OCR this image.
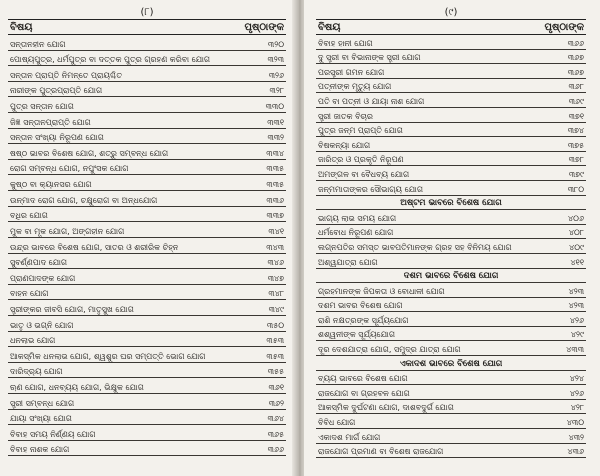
(୮)
ବିଷୟ	ପୃଷ୍ଠାଙ୍କ
ସନ୍ତାନହୀନ ଯୋଗ	୩୨୦
ପୋଷ୍ୟପୁତ୍ର, ଧର୍ମପୁତ୍ର ବା ଦତ୍ତକ ପୁତ୍ର ଗ୍ରହଣ କରିବା ଯୋଗ	୩୨୩
ସନ୍ତାନ ପ୍ରାପ୍ତି ନିମନ୍ତେ ପ୍ରାୟଶ୍ଚିତ	୩୨୬
ନାରୀଙ୍କ ପୁତ୍ରପ୍ରାପ୍ତି ଯୋଗ	୩୨୮
ପୁତ୍ର ସନ୍ତାନ ଯୋଗ	୩୩୦
ଜିଜ୍ଞ ସନ୍ତାନପ୍ରାପ୍ତି ଯୋଗ	୩୩୧
ସନ୍ତାନ ସଂଖ୍ୟା ନିରୂପଣ ଯୋଗ	୩୩୨
ଷଷ୍ଠ ଭାବର ବିଶେଷ ଯୋଗ, ଶତ୍ରୁ ସମ୍ବନ୍ଧ ଯୋଗ	୩୩୪
ରୋଗ ସମ୍ବନ୍ଧ ଯୋଗ, ନପୁଂସକ ଯୋଗ	୩୩୫
କୁଷ୍ଠ ବା କ୍ୟାନସର ଯୋଗ	୩୩୫
ଉନ୍ମାଦ ରୋଗ ଯୋଗ, ଚକ୍ଷୁରୋଗ ବା ଅନ୍ଧଯୋଗ	୩୩୬
ବଧିର ଯୋଗ	୩୩୭
ମୁକ ବା ମୂକ ଯୋଗ, ଅଙ୍ଗହୀନ ଯୋଗ	୩୪୧
ଉନ୍ଦ୍ର ଭାବରେ ବିଶେଷ ଯୋଗ, ସାତର ଓ ଶରୀରିକ ଚିହ୍ନ	୩୪୩
ସୁବର୍ଣ୍ଣପାଦ ଯୋଗ	୩୪୬
ପ୍ରାଣପାଦଙ୍କ ଯୋଗ	୩୪୭
ବାହନ ଯୋଗ	୩୪୮
ସ୍ତ୍ରୀଙ୍କର ଜୀବସି ଯୋଗ, ମାତୃସୁଖ ଯୋଗ	୩୪୯
ଭାତୃ ଓ ଭଗ୍ନି ଯୋଗ	୩୫୦
ଧନଲାଭ ଯୋଗ	୩୫୩
ଆକସ୍ମିକ ଧନଲାଭ ଯୋଗ, ଶ୍ୱଶୁର ଘର ସମ୍ପତ୍ତି ଭୋଗ ଯୋଗ	୩୫୩
ଦାରିଦ୍ର୍ୟ ଯୋଗ	୩୫୫
ଋଣ ଯୋଗ, ଧନବ୍ୟୟ ଯୋଗ, ଭିକ୍ଷୁକ ଯୋଗ	୩୬୧
ସ୍ତ୍ରୀ ସମ୍ବନ୍ଧ ଯୋଗ	୩୬୨
ଯାୟା ସଂଖ୍ୟା ଯୋଗ	୩୬୪
ବିବାହ ସମୟ ନିର୍ଣ୍ଣୟ ଯୋଗ	୩୬୫
ବିବାହ ନାଶକ ଯୋଗ	୩୬୬
(୯)
ବିଷୟ	ପୃଷ୍ଠାଙ୍କ
ବିବାହ ହାନୀ ଯୋଗ	୩୬୬
ଦୁ ସ୍ତ୍ରୀ ବା ବିଭାନାଙ୍କ ସ୍ତ୍ରୀ ଯୋଗ	୩୬୭
ପରସ୍ତ୍ରୀ ଗମନ ଯୋଗ	୩୬୭
ପତ୍ନୀଙ୍କ ମୃତ୍ୟୁ ଯୋଗ	୩୬୮
ପତି ବା ପତ୍ନୀ ଓ ଯାୟା ନାଶ ଯୋଗ	୩୬୯
ସ୍ତ୍ରୀ ଜାତକ ବିଚାର	୩୭୧
ପୁତ୍ର ଜନ୍ମ ପ୍ରାପ୍ତି ଯୋଗ	୩୭୪
ବିଷକନ୍ୟା ଯୋଗ	୩୭୫
ଜାରିତ୍ର ଓ ପ୍ରକୃତି ନିରୂପଣ	୩୭୮
ଅମଙ୍ଗଳ ବା ବୈଧବ୍ୟ ଯୋଗ	୩୭୯
ଜନ୍ମମାତାଙ୍କର ସୌଭାଗ୍ୟ ଯୋଗ	୩୮୦
ଅଷ୍ଟମ ଭାବରେ ବିଶେଷ ଯୋଗ
ଭାଗ୍ୟ ଲାଭ ସମୟ ଯୋଗ	୪୦୬
ଧର୍ମବୋଧ ନିରୂପଣ ଯୋଗ	୪୦୮
ଲଗ୍ନପତିର ସମସ୍ତ ଭାବପତିମାନଙ୍କ ଗ୍ରହ ସହ ବିନିମୟ ଯୋଗ	୪୦୯
ଅଶ୍ୱଯାତ୍ରା ଯୋଗ	୪୧୧
ଦଶମ ଭାବରେ ବିଶେଷ ଯୋଗ
ଗ୍ରହମାନଙ୍କ ଜିପକତା ଓ ବୋଧାଳୀ ଯୋଗ	୪୨୩
ଦଶମ ଭାବର ବିଶେଷ ଯୋଗ	୪୨୩
ରାଶି ନକ୍ଷତ୍ରଙ୍କ ସୂର୍ଯ୍ୟଯୋଗ	୪୨୬
ଶଶ୍ୱନୀଙ୍କ ସୂର୍ଯ୍ୟଯୋଗ	୪୨୯
ଦୂର ଦେଶଯାତ୍ରା ଯୋଗ, ସମୁଦ୍ର ଯାତ୍ରା ଯୋଗ	୪୩୩
ଏକାଦଶ ଭାବରେ ବିଶେଷ ଯୋଗ
ବ୍ୟୟ ଭାବରେ ବିଶେଷ ଯୋଗ	୪୨୪
ରାଜଯୋଗ ବା ଗ୍ରହବଳ ଯୋଗ	୪୨୬
ଆକସ୍ମିକ ଦୁର୍ଘଟଣା ଯୋଗ, ଦାଶବଦୁର୍ଗ ଯୋଗ	୪୨୮
ବିବିଧ ଯୋଗ	୪୩୦
ଏକାଦଶ ମାର୍ଗ ଯୋଗ	୪୩୨
ରାଜଯୋଗ ପ୍ରମାଣ ବା ବିଶେଷ ରାଜଯୋଗ	୪୩୬
